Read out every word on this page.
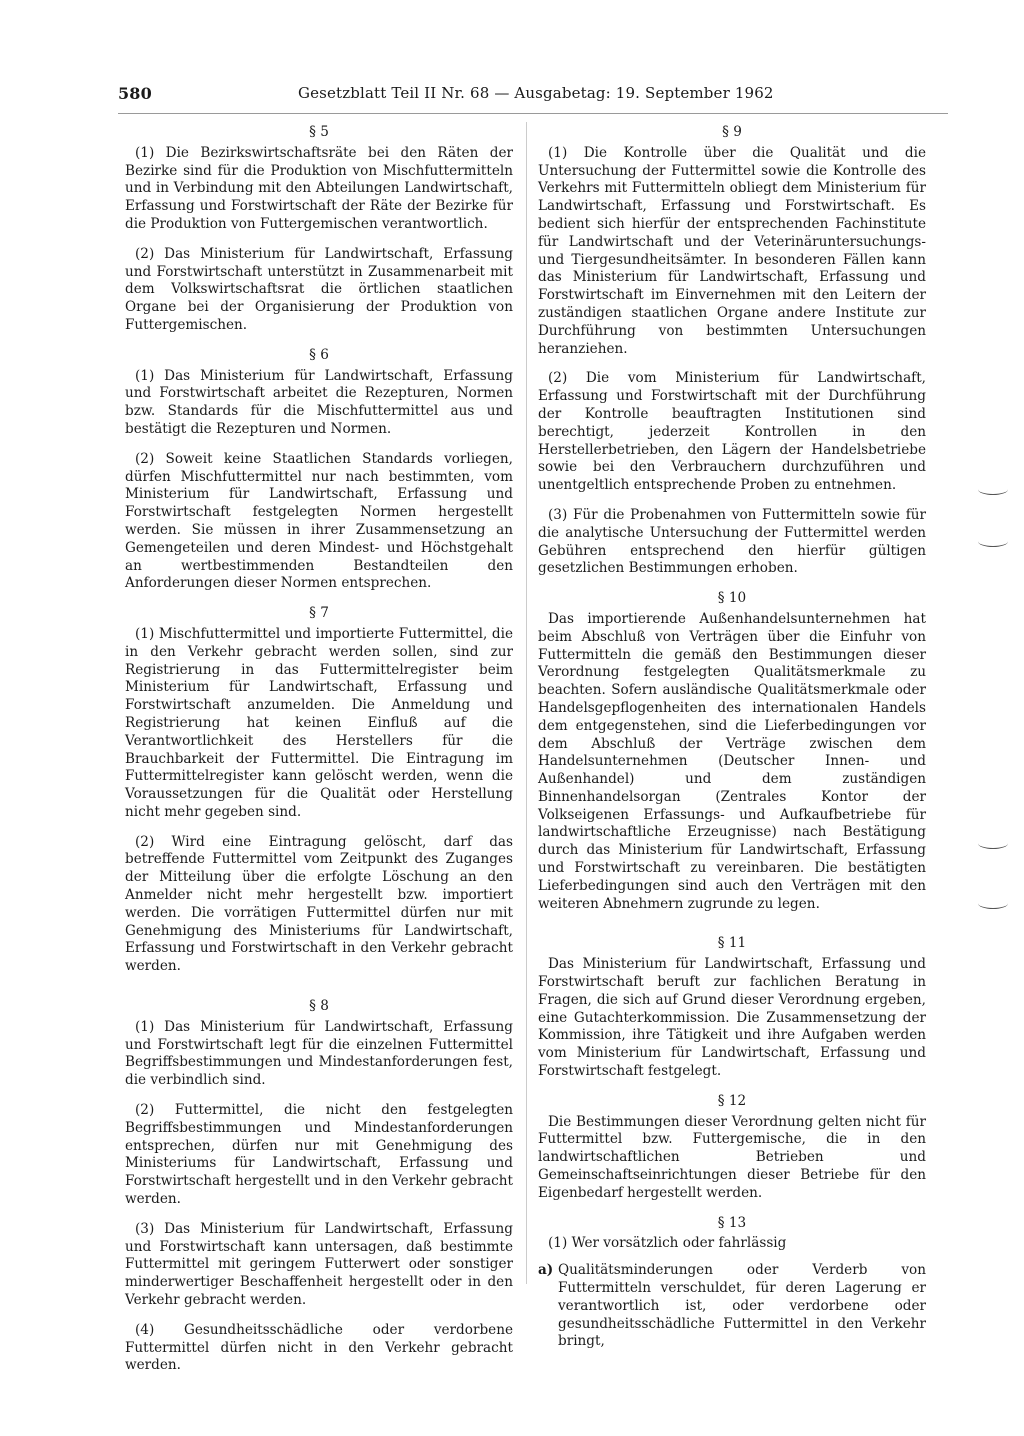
580	Gesetzblatt Teil II Nr. 68 — Ausgabetag: 19. September 1962
§ 5

(1) Die Bezirkswirtschaftsräte bei den Räten der Bezirke sind für die Produktion von Mischfuttermitteln und in Verbindung mit den Abteilungen Landwirtschaft, Erfassung und Forstwirtschaft der Räte der Bezirke für die Produktion von Futtergemischen verantwortlich.

(2) Das Ministerium für Landwirtschaft, Erfassung und Forstwirtschaft unterstützt in Zusammenarbeit mit dem Volkswirtschaftsrat die örtlichen staatlichen Organe bei der Organisierung der Produktion von Futtergemischen.

§ 6

(1) Das Ministerium für Landwirtschaft, Erfassung und Forstwirtschaft arbeitet die Rezepturen, Normen bzw. Standards für die Mischfuttermittel aus und bestätigt die Rezepturen und Normen.

(2) Soweit keine Staatlichen Standards vorliegen, dürfen Mischfuttermittel nur nach bestimmten, vom Ministerium für Landwirtschaft, Erfassung und Forstwirtschaft festgelegten Normen hergestellt werden. Sie müssen in ihrer Zusammensetzung an Gemengeteilen und deren Mindest- und Höchstgehalt an wertbestimmenden Bestandteilen den Anforderungen dieser Normen entsprechen.

§ 7

(1) Mischfuttermittel und importierte Futtermittel, die in den Verkehr gebracht werden sollen, sind zur Registrierung in das Futtermittelregister beim Ministerium für Landwirtschaft, Erfassung und Forstwirtschaft anzumelden. Die Anmeldung und Registrierung hat keinen Einfluß auf die Verantwortlichkeit des Herstellers für die Brauchbarkeit der Futtermittel. Die Eintragung im Futtermittelregister kann gelöscht werden, wenn die Voraussetzungen für die Qualität oder Herstellung nicht mehr gegeben sind.

(2) Wird eine Eintragung gelöscht, darf das betreffende Futtermittel vom Zeitpunkt des Zuganges der Mitteilung über die erfolgte Löschung an den Anmelder nicht mehr hergestellt bzw. importiert werden. Die vorrätigen Futtermittel dürfen nur mit Genehmigung des Ministeriums für Landwirtschaft, Erfassung und Forstwirtschaft in den Verkehr gebracht werden.

§ 8

(1) Das Ministerium für Landwirtschaft, Erfassung und Forstwirtschaft legt für die einzelnen Futtermittel Begriffsbestimmungen und Mindestanforderungen fest, die verbindlich sind.

(2) Futtermittel, die nicht den festgelegten Begriffsbestimmungen und Mindestanforderungen entsprechen, dürfen nur mit Genehmigung des Ministeriums für Landwirtschaft, Erfassung und Forstwirtschaft hergestellt und in den Verkehr gebracht werden.

(3) Das Ministerium für Landwirtschaft, Erfassung und Forstwirtschaft kann untersagen, daß bestimmte Futtermittel mit geringem Futterwert oder sonstiger minderwertiger Beschaffenheit hergestellt oder in den Verkehr gebracht werden.

(4) Gesundheitsschädliche oder verdorbene Futtermittel dürfen nicht in den Verkehr gebracht werden.

§ 9

(1) Die Kontrolle über die Qualität und die Untersuchung der Futtermittel sowie die Kontrolle des Verkehrs mit Futtermitteln obliegt dem Ministerium für Landwirtschaft, Erfassung und Forstwirtschaft. Es bedient sich hierfür der entsprechenden Fachinstitute für Landwirtschaft und der Veterinäruntersuchungs- und Tiergesundheitsämter. In besonderen Fällen kann das Ministerium für Landwirtschaft, Erfassung und Forstwirtschaft im Einvernehmen mit den Leitern der zuständigen staatlichen Organe andere Institute zur Durchführung von bestimmten Untersuchungen heranziehen.

(2) Die vom Ministerium für Landwirtschaft, Erfassung und Forstwirtschaft mit der Durchführung der Kontrolle beauftragten Institutionen sind berechtigt, jederzeit Kontrollen in den Herstellerbetrieben, den Lägern der Handelsbetriebe sowie bei den Verbrauchern durchzuführen und unentgeltlich entsprechende Proben zu entnehmen.

(3) Für die Probenahmen von Futtermitteln sowie für die analytische Untersuchung der Futtermittel werden Gebühren entsprechend den hierfür gültigen gesetzlichen Bestimmungen erhoben.

§ 10

Das importierende Außenhandelsunternehmen hat beim Abschluß von Verträgen über die Einfuhr von Futtermitteln die gemäß den Bestimmungen dieser Verordnung festgelegten Qualitätsmerkmale zu beachten. Sofern ausländische Qualitätsmerkmale oder Handelsgepflogenheiten des internationalen Handels dem entgegenstehen, sind die Lieferbedingungen vor dem Abschluß der Verträge zwischen dem Handelsunternehmen (Deutscher Innen- und Außenhandel) und dem zuständigen Binnenhandelsorgan (Zentrales Kontor der Volkseigenen Erfassungs- und Aufkaufbetriebe für landwirtschaftliche Erzeugnisse) nach Bestätigung durch das Ministerium für Landwirtschaft, Erfassung und Forstwirtschaft zu vereinbaren. Die bestätigten Lieferbedingungen sind auch den Verträgen mit den weiteren Abnehmern zugrunde zu legen.

§ 11

Das Ministerium für Landwirtschaft, Erfassung und Forstwirtschaft beruft zur fachlichen Beratung in Fragen, die sich auf Grund dieser Verordnung ergeben, eine Gutachterkommission. Die Zusammensetzung der Kommission, ihre Tätigkeit und ihre Aufgaben werden vom Ministerium für Landwirtschaft, Erfassung und Forstwirtschaft festgelegt.

§ 12

Die Bestimmungen dieser Verordnung gelten nicht für Futtermittel bzw. Futtergemische, die in den landwirtschaftlichen Betrieben und Gemeinschaftseinrichtungen dieser Betriebe für den Eigenbedarf hergestellt werden.

§ 13

(1) Wer vorsätzlich oder fahrlässig

a) Qualitätsminderungen oder Verderb von Futtermitteln verschuldet, für deren Lagerung er verantwortlich ist, oder verdorbene oder gesundheitsschädliche Futtermittel in den Verkehr bringt,
